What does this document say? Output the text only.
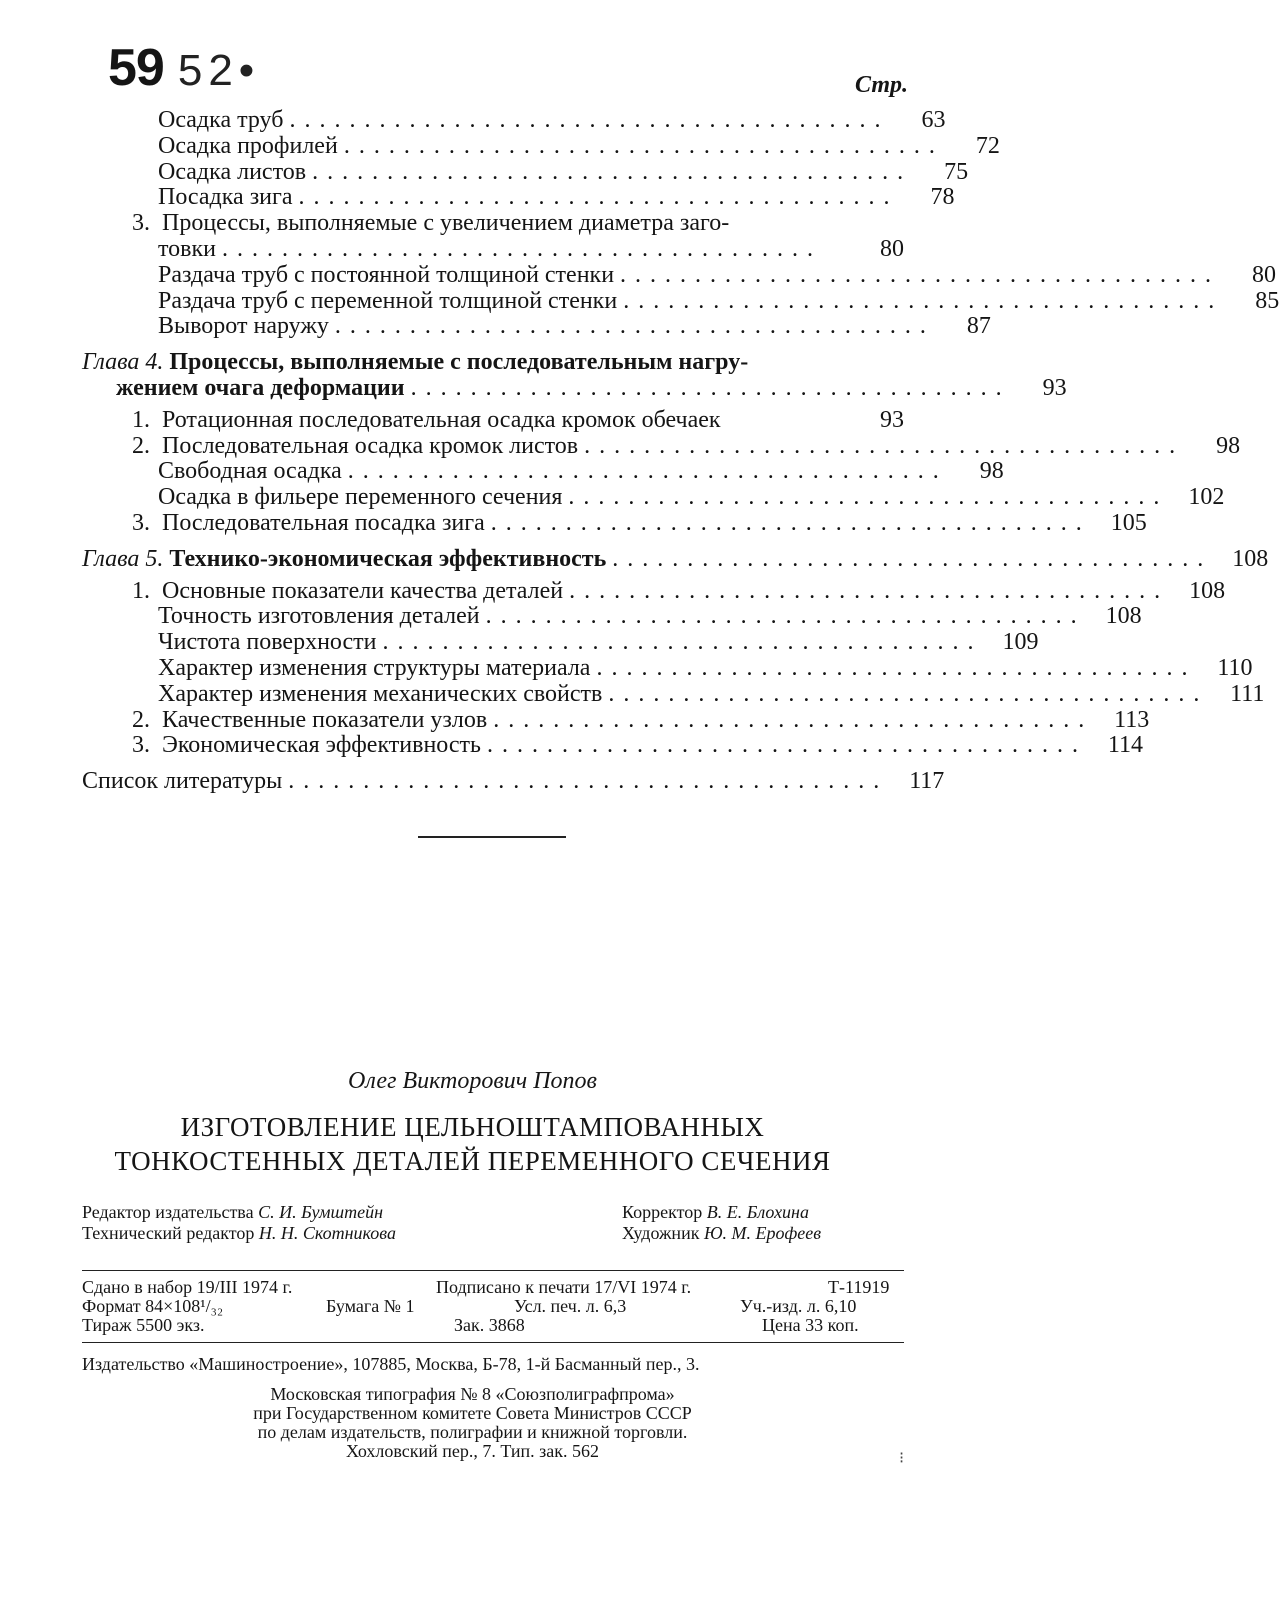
59 52•	Стр.
Осадка труб ........................................	63
Осадка профилей ........................................	72
Осадка листов ........................................	75
Посадка зига ........................................	78
3. Процессы, выполняемые с увеличением диаметра заго-
товки ........................................	80
Раздача труб с постоянной толщиной стенки ........................................	80
Раздача труб с переменной толщиной стенки ........................................	85
Выворот наружу ........................................	87
Глава 4. Процессы, выполняемые с последовательным нагру-
жением очага деформации ........................................	93
1. Ротационная последовательная осадка кромок обечаек	93
2. Последовательная осадка кромок листов ........................................	98
Свободная осадка ........................................	98
Осадка в фильере переменного сечения ........................................ 102
3. Последовательная посадка зига ........................................ 105
Глава 5. Технико-экономическая эффективность ........................................ 108
1. Основные показатели качества деталей ........................................ 108
Точность изготовления деталей ........................................ 108
Чистота поверхности ........................................ 109
Характер изменения структуры материала ........................................ 110
Характер изменения механических свойств ........................................ 111
2. Качественные показатели узлов ........................................ 113
3. Экономическая эффективность ........................................ 114
Список литературы ........................................ 117
Олег Викторович Попов
ИЗГОТОВЛЕНИЕ ЦЕЛЬНОШТАМПОВАННЫХ
ТОНКОСТЕННЫХ ДЕТАЛЕЙ ПЕРЕМЕННОГО СЕЧЕНИЯ
Редактор издательства С. И. Бумштейн
Технический редактор Н. Н. Скотникова
Корректор В. Е. Блохина
Художник Ю. М. Ерофеев
Сдано в набор 19/III 1974 г.	Подписано к печати 17/VI 1974 г.	Т-11919
Формат 84×108¹/₃₂	Бумага № 1	Усл. печ. л. 6,3	Уч.-изд. л. 6,10
Тираж 5500 экз.	Зак. 3868	Цена 33 коп.
Издательство «Машиностроение», 107885, Москва, Б-78, 1-й Басманный пер., 3.
Московская типография № 8 «Союзполиграфпрома»
при Государственном комитете Совета Министров СССР
по делам издательств, полиграфии и книжной торговли.
Хохловский пер., 7. Тип. зак. 562	⁝
